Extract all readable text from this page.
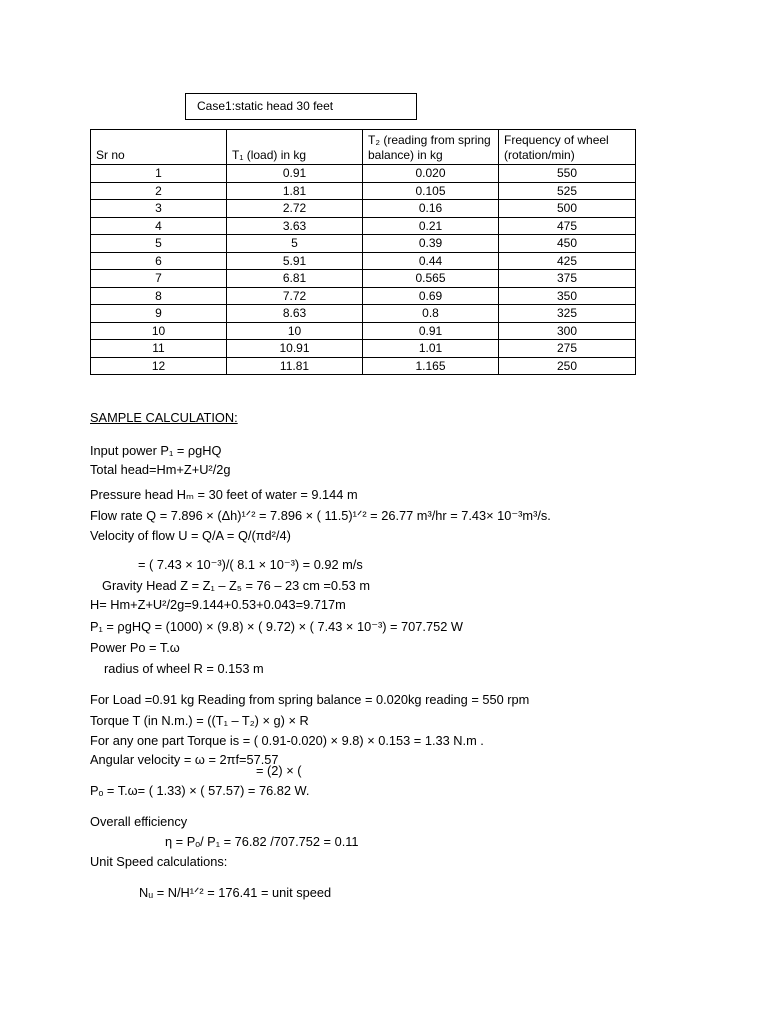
Case1:static head 30 feet
Sr no	T₁ (load) in kg	T₂ (reading from spring balance) in kg	Frequency of wheel (rotation/min)
1	0.91	0.020	550
2	1.81	0.105	525
3	2.72	0.16	500
4	3.63	0.21	475
5	5	0.39	450
6	5.91	0.44	425
7	6.81	0.565	375
8	7.72	0.69	350
9	8.63	0.8	325
10	10	0.91	300
11	10.91	1.01	275
12	11.81	1.165	250
SAMPLE CALCULATION:
Input power P₁ = ρgHQ
Total head=Hm+Z+U²/2g
Pressure head Hₘ = 30 feet of water = 9.144 m
Flow rate Q = 7.896 × (Δh)¹ᐟ² = 7.896 × ( 11.5)¹ᐟ² = 26.77 m³/hr = 7.43× 10⁻³m³/s.
Velocity of flow U = Q/A = Q/(πd²/4)
= ( 7.43 × 10⁻³)/( 8.1 × 10⁻³) = 0.92 m/s
Gravity Head Z = Z₁ – Z₅ = 76 – 23 cm =0.53 m
H= Hm+Z+U²/2g=9.144+0.53+0.043=9.717m
P₁ = ρgHQ = (1000) × (9.8) × ( 9.72) × ( 7.43 × 10⁻³) = 707.752 W
Power Po = T.ω
radius of wheel R = 0.153 m
For Load =0.91 kg Reading from spring balance = 0.020kg reading = 550 rpm
Torque T (in N.m.) = ((T₁ – T₂) × g) × R
For any one part Torque is = ( 0.91-0.020) × 9.8) × 0.153 = 1.33 N.m .
Angular velocity = ω = 2πf=57.57
= (2) × (
Pₒ = T.ω= ( 1.33) × ( 57.57) = 76.82 W.
Overall efficiency
η = Pₒ/ P₁ = 76.82 /707.752 = 0.11
Unit Speed calculations:
Nᵤ = N/H¹ᐟ² = 176.41 = unit speed
